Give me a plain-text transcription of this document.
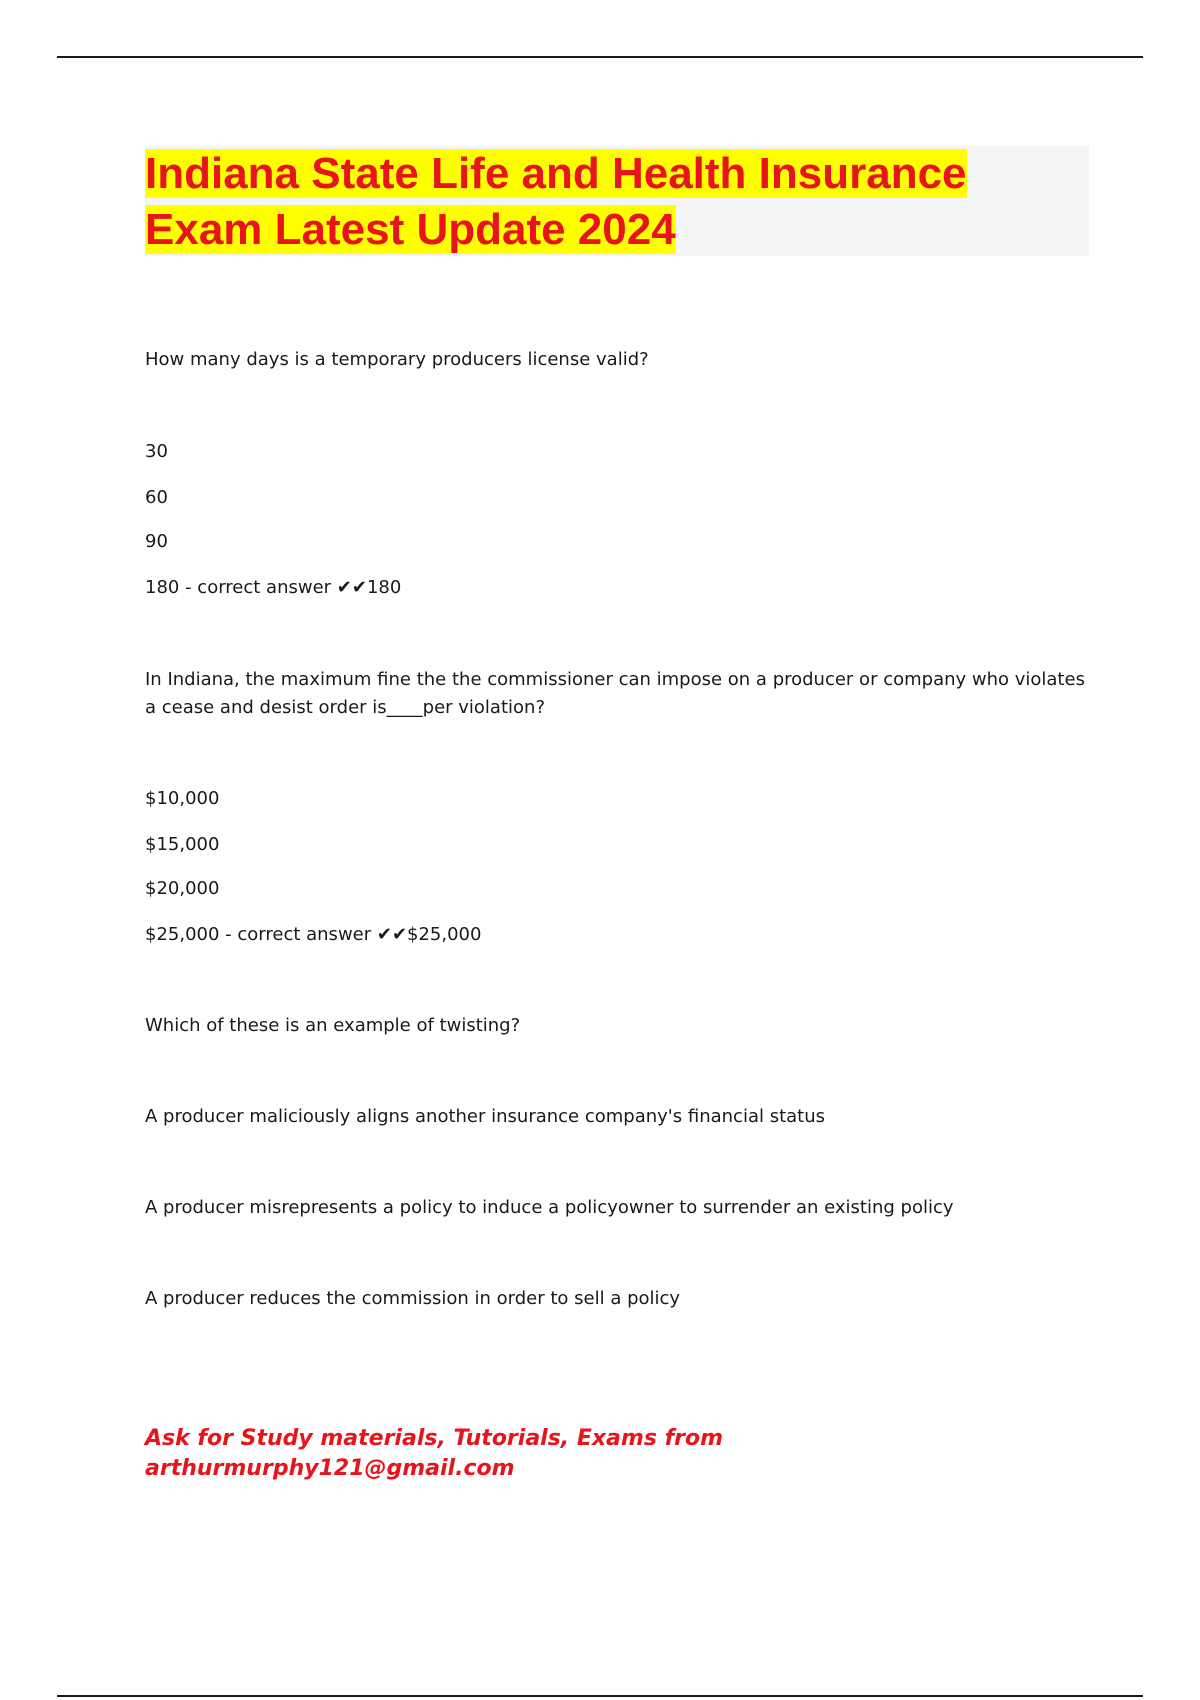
Indiana State Life and Health Insurance
Exam Latest Update 2024
How many days is a temporary producers license valid?
30
60
90
180 - correct answer ✔✔180
In Indiana, the maximum fine the the commissioner can impose on a producer or company who violates a cease and desist order is____per violation?
$10,000
$15,000
$20,000
$25,000 - correct answer ✔✔$25,000
Which of these is an example of twisting?
A producer maliciously aligns another insurance company's financial status
A producer misrepresents a policy to induce a policyowner to surrender an existing policy
A producer reduces the commission in order to sell a policy
Ask for Study materials, Tutorials, Exams from
arthurmurphy121@gmail.com
